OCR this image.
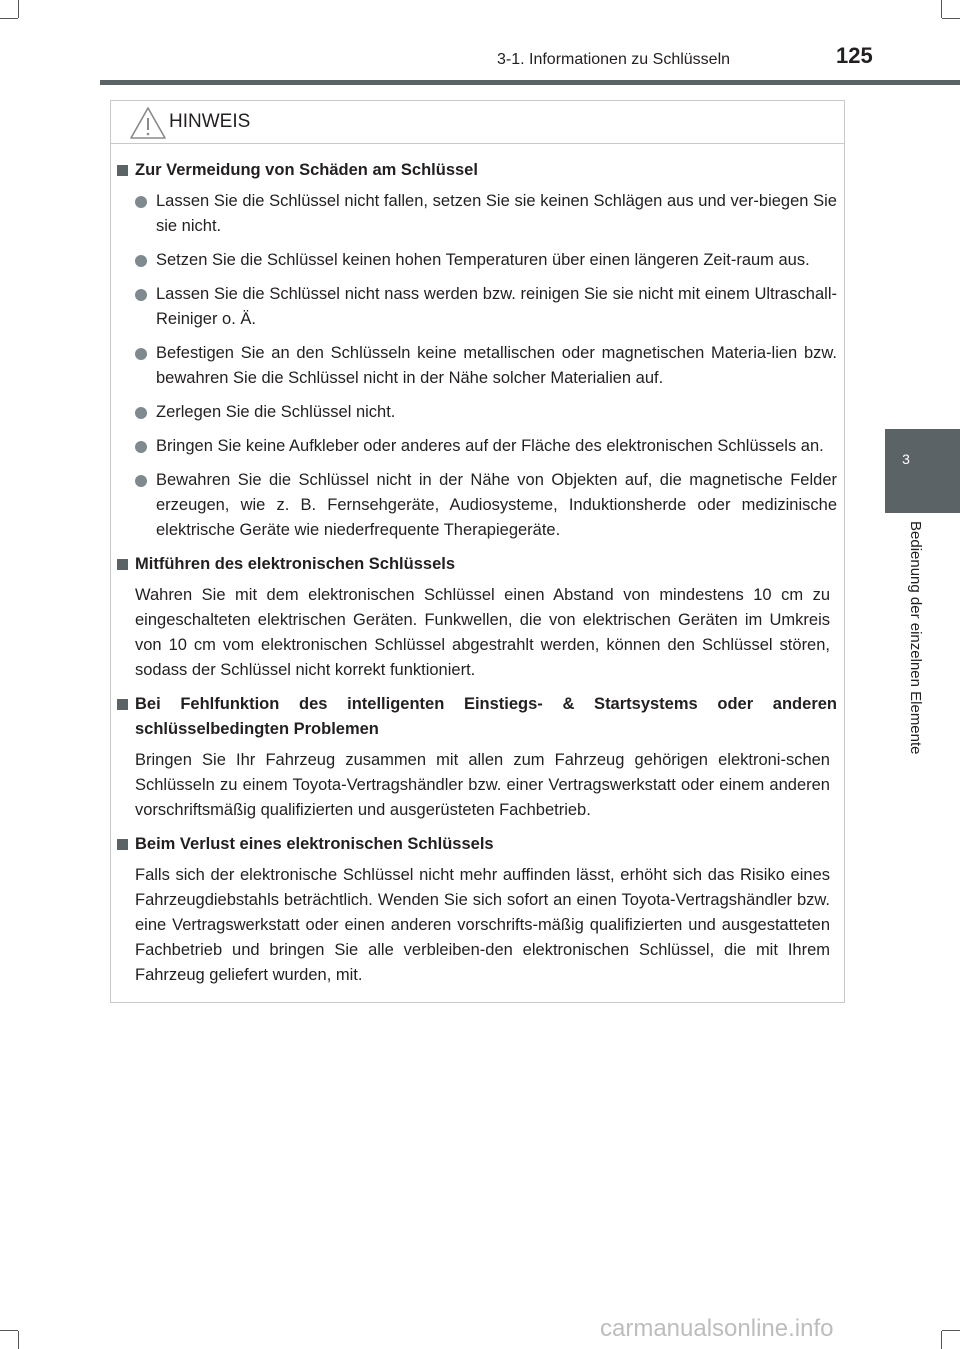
3-1. Informationen zu Schlüsseln	125
3
Bedienung der einzelnen Elemente
HINWEIS
Zur Vermeidung von Schäden am Schlüssel
Lassen Sie die Schlüssel nicht fallen, setzen Sie sie keinen Schlägen aus und ver-biegen Sie sie nicht.
Setzen Sie die Schlüssel keinen hohen Temperaturen über einen längeren Zeit-raum aus.
Lassen Sie die Schlüssel nicht nass werden bzw. reinigen Sie sie nicht mit einem Ultraschall-Reiniger o. Ä.
Befestigen Sie an den Schlüsseln keine metallischen oder magnetischen Materia-lien bzw. bewahren Sie die Schlüssel nicht in der Nähe solcher Materialien auf.
Zerlegen Sie die Schlüssel nicht.
Bringen Sie keine Aufkleber oder anderes auf der Fläche des elektronischen Schlüssels an.
Bewahren Sie die Schlüssel nicht in der Nähe von Objekten auf, die magnetische Felder erzeugen, wie z. B. Fernsehgeräte, Audiosysteme, Induktionsherde oder medizinische elektrische Geräte wie niederfrequente Therapiegeräte.
Mitführen des elektronischen Schlüssels
Wahren Sie mit dem elektronischen Schlüssel einen Abstand von mindestens 10 cm zu eingeschalteten elektrischen Geräten. Funkwellen, die von elektrischen Geräten im Umkreis von 10 cm vom elektronischen Schlüssel abgestrahlt werden, können den Schlüssel stören, sodass der Schlüssel nicht korrekt funktioniert.
Bei Fehlfunktion des intelligenten Einstiegs- & Startsystems oder anderen schlüsselbedingten Problemen
Bringen Sie Ihr Fahrzeug zusammen mit allen zum Fahrzeug gehörigen elektroni-schen Schlüsseln zu einem Toyota-Vertragshändler bzw. einer Vertragswerkstatt oder einem anderen vorschriftsmäßig qualifizierten und ausgerüsteten Fachbetrieb.
Beim Verlust eines elektronischen Schlüssels
Falls sich der elektronische Schlüssel nicht mehr auffinden lässt, erhöht sich das Risiko eines Fahrzeugdiebstahls beträchtlich. Wenden Sie sich sofort an einen Toyota-Vertragshändler bzw. eine Vertragswerkstatt oder einen anderen vorschrifts-mäßig qualifizierten und ausgestatteten Fachbetrieb und bringen Sie alle verbleiben-den elektronischen Schlüssel, die mit Ihrem Fahrzeug geliefert wurden, mit.
carmanualsonline.info
